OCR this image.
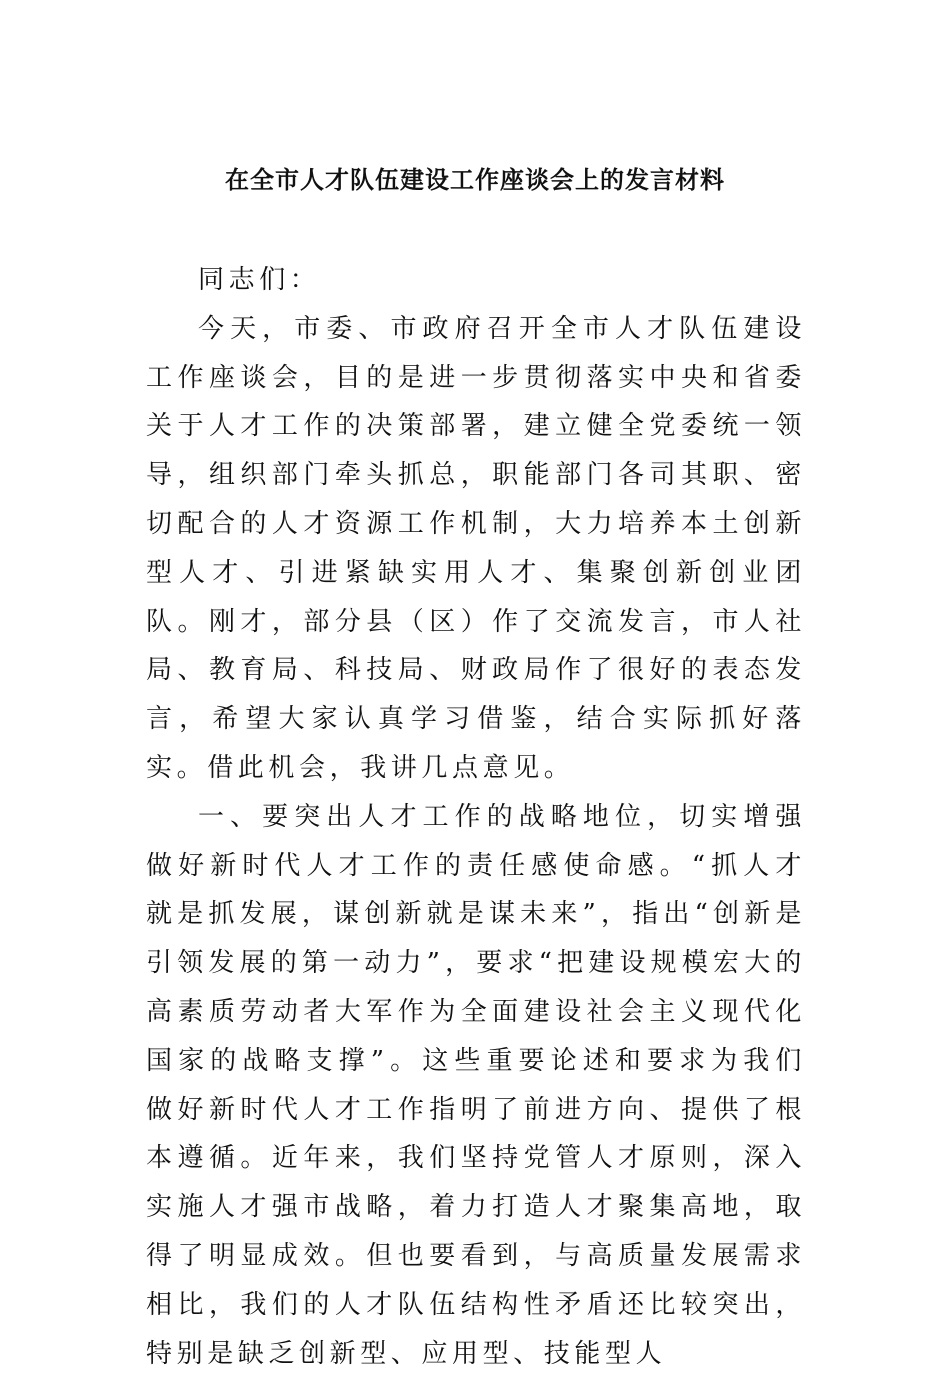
在全市人才队伍建设工作座谈会上的发言材料

同志们：

今天，市委、市政府召开全市人才队伍建设工作座谈会，目的是进一步贯彻落实中央和省委关于人才工作的决策部署，建立健全党委统一领导，组织部门牵头抓总，职能部门各司其职、密切配合的人才资源工作机制，大力培养本土创新型人才、引进紧缺实用人才、集聚创新创业团队。刚才，部分县（区）作了交流发言，市人社局、教育局、科技局、财政局作了很好的表态发言，希望大家认真学习借鉴，结合实际抓好落实。借此机会，我讲几点意见。

一、要突出人才工作的战略地位，切实增强做好新时代人才工作的责任感使命感。“抓人才就是抓发展，谋创新就是谋未来”，指出“创新是引领发展的第一动力”，要求“把建设规模宏大的高素质劳动者大军作为全面建设社会主义现代化国家的战略支撑”。这些重要论述和要求为我们做好新时代人才工作指明了前进方向、提供了根本遵循。近年来，我们坚持党管人才原则，深入实施人才强市战略，着力打造人才聚集高地，取得了明显成效。但也要看到，与高质量发展需求相比，我们的人才队伍结构性矛盾还比较突出，特别是缺乏创新型、应用型、技能型人
